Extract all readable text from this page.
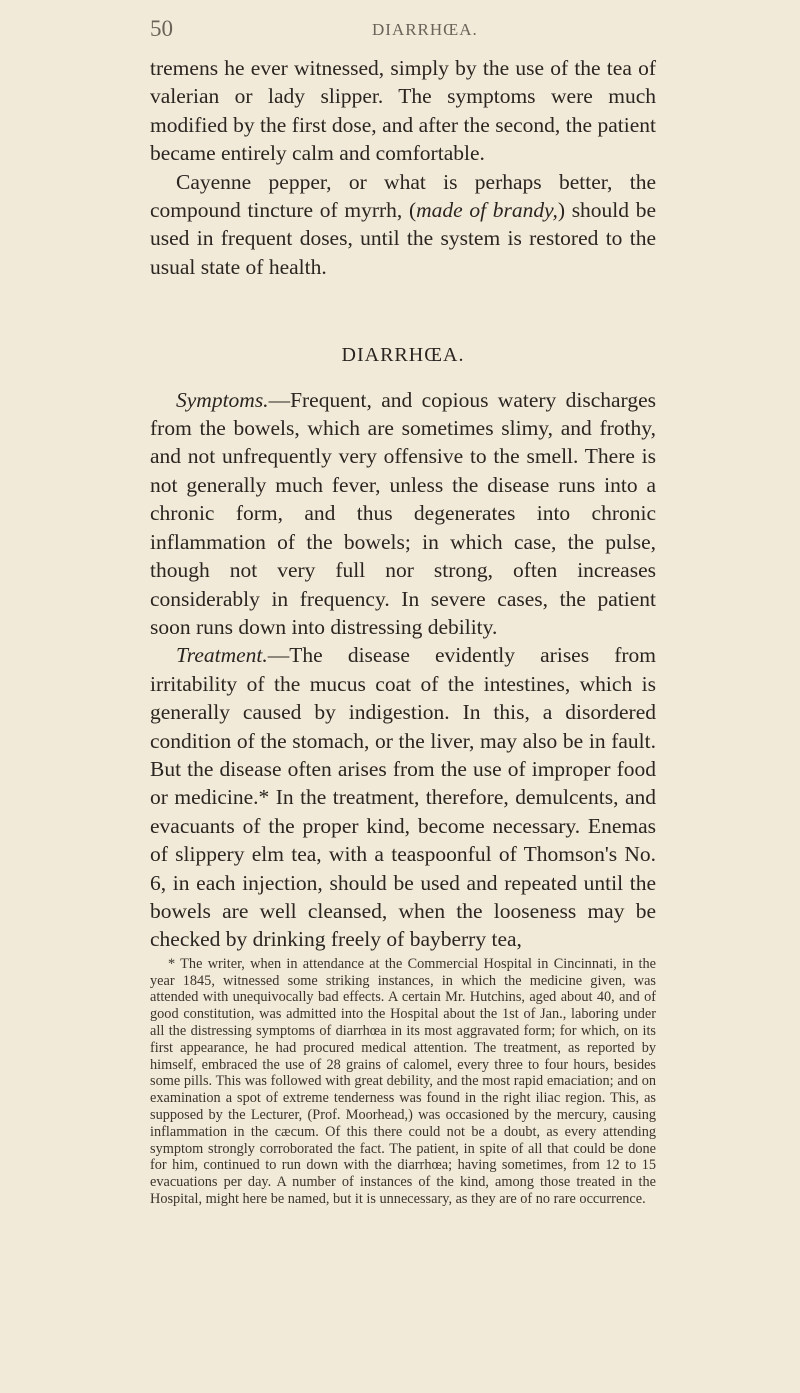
50	DIARRHŒA.

tremens he ever witnessed, simply by the use of the tea of valerian or lady slipper. The symptoms were much modified by the first dose, and after the second, the patient became entirely calm and comfortable.

Cayenne pepper, or what is perhaps better, the compound tincture of myrrh, (made of brandy,) should be used in frequent doses, until the system is restored to the usual state of health.

DIARRHŒA.

Symptoms.—Frequent, and copious watery discharges from the bowels, which are sometimes slimy, and frothy, and not unfrequently very offensive to the smell. There is not generally much fever, unless the disease runs into a chronic form, and thus degenerates into chronic inflammation of the bowels; in which case, the pulse, though not very full nor strong, often increases considerably in frequency. In severe cases, the patient soon runs down into distressing debility.

Treatment.—The disease evidently arises from irritability of the mucus coat of the intestines, which is generally caused by indigestion. In this, a disordered condition of the stomach, or the liver, may also be in fault. But the disease often arises from the use of improper food or medicine.* In the treatment, therefore, demulcents, and evacuants of the proper kind, become necessary. Enemas of slippery elm tea, with a teaspoonful of Thomson's No. 6, in each injection, should be used and repeated until the bowels are well cleansed, when the looseness may be checked by drinking freely of bayberry tea,

* The writer, when in attendance at the Commercial Hospital in Cincinnati, in the year 1845, witnessed some striking instances, in which the medicine given, was attended with unequivocally bad effects. A certain Mr. Hutchins, aged about 40, and of good constitution, was admitted into the Hospital about the 1st of Jan., laboring under all the distressing symptoms of diarrhœa in its most aggravated form; for which, on its first appearance, he had procured medical attention. The treatment, as reported by himself, embraced the use of 28 grains of calomel, every three to four hours, besides some pills. This was followed with great debility, and the most rapid emaciation; and on examination a spot of extreme tenderness was found in the right iliac region. This, as supposed by the Lecturer, (Prof. Moorhead,) was occasioned by the mercury, causing inflammation in the cæcum. Of this there could not be a doubt, as every attending symptom strongly corroborated the fact. The patient, in spite of all that could be done for him, continued to run down with the diarrhœa; having sometimes, from 12 to 15 evacuations per day. A number of instances of the kind, among those treated in the Hospital, might here be named, but it is unnecessary, as they are of no rare occurrence.
